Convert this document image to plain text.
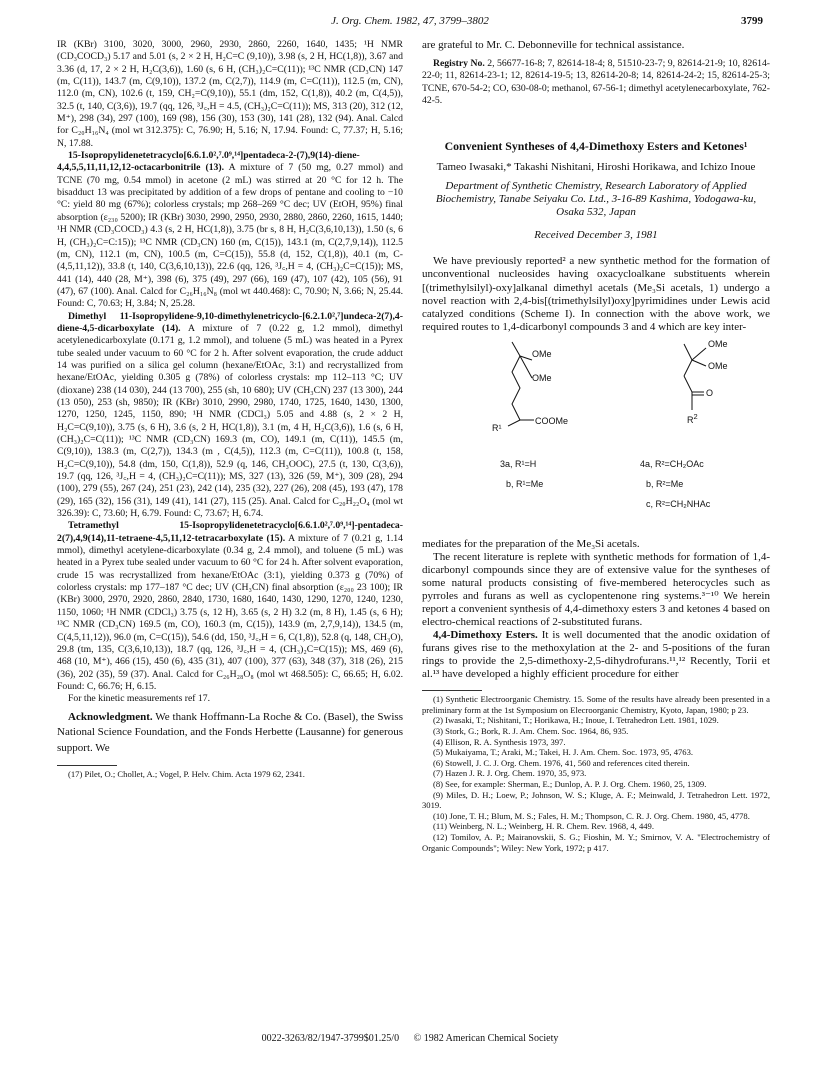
J. Org. Chem. 1982, 47, 3799–3802	3799

IR (KBr) 3100, 3020, 3000, 2960, 2930, 2860, 2260, 1640, 1435; ¹H NMR (CD₃COCD₃) 5.17 and 5.01 (s, 2 × 2 H, H₂C=C (9,10)), 3.98 (s, 2 H, HC(1,8)), 3.67 and 3.36 (d, 17, 2 × 2 H, H₂C(3,6)), 1.60 (s, 6 H, (CH₃)₂C=C(11)); ¹³C NMR (CD₃CN) 147 (m, C(11)), 143.7 (m, C(9,10)), 137.2 (m, C(2,7)), 114.9 (m, C=C(11)), 112.5 (m, CN), 112.0 (m, CN), 102.6 (t, 159, CH₂=C(9,10)), 55.1 (dm, 152, C(1,8)), 40.2 (m, C(4,5)), 32.5 (t, 140, C(3,6)), 19.7 (qq, 126, ³J꜀,H = 4.5, (CH₃)₂C=C(11)); MS, 313 (20), 312 (12, M⁺), 298 (34), 297 (100), 169 (98), 156 (30), 153 (30), 141 (28), 132 (94). Anal. Calcd for C₂₀H₁₆N₄ (mol wt 312.375): C, 76.90; H, 5.16; N, 17.94. Found: C, 77.37; H, 5.16; N, 17.88.

15-Isopropylidenetetracyclo[6.6.1.0²,⁷.0⁹,¹⁴]pentadeca-2-(7),9(14)-diene-4,4,5,5,11,11,12,12-octacarbonitrile (13). A mixture of 7 (50 mg, 0.27 mmol) and TCNE (70 mg, 0.54 mmol) in acetone (2 mL) was stirred at 20 °C for 12 h. The bisadduct 13 was precipitated by addition of a few drops of pentane and cooling to −10 °C: yield 80 mg (67%); colorless crystals; mp 268–269 °C dec; UV (EtOH, 95%) final absorption (ε₂₃₀ 5200); IR (KBr) 3030, 2990, 2950, 2930, 2880, 2860, 2260, 1615, 1440; ¹H NMR (CD₃COCD₃) 4.3 (s, 2 H, HC(1,8)), 3.75 (br s, 8 H, H₂C(3,6,10,13)), 1.50 (s, 6 H, (CH₃)₂C=C:15)); ¹³C NMR (CD₃CN) 160 (m, C(15)), 143.1 (m, C(2,7,9,14)), 112.5 (m, CN), 112.1 (m, CN), 100.5 (m, C=C(15)), 55.8 (d, 152, C(1,8)), 40.1 (m, C-(4,5,11,12)), 33.8 (t, 140, C(3,6,10,13)), 22.6 (qq, 126, ³J꜀,H = 4, (CH₃)₂C=C(15)); MS, 441 (14), 440 (28, M⁺), 398 (6), 375 (49), 297 (66), 169 (47), 107 (42), 105 (56), 91 (47), 67 (100). Anal. Calcd for C₂₆H₁₆N₈ (mol wt 440.468): C, 70.90; N, 3.66; N, 25.44. Found: C, 70.63; H, 3.84; N, 25.28.

Dimethyl 11-Isopropylidene-9,10-dimethylenetricyclo-[6.2.1.0²,⁷]undeca-2(7),4-diene-4,5-dicarboxylate (14). A mixture of 7 (0.22 g, 1.2 mmol), dimethyl acetylenedicarboxylate (0.171 g, 1.2 mmol), and toluene (5 mL) was heated in a Pyrex tube sealed under vacuum to 60 °C for 2 h. After solvent evaporation, the crude adduct 14 was purified on a silica gel column (hexane/EtOAc, 3:1) and recrystallized from hexane/EtOAc, yielding 0.305 g (78%) of colorless crystals: mp 112–113 °C; UV (dioxane) 238 (14 030), 244 (13 700), 255 (sh, 10 680); UV (CH₃CN) 237 (13 300), 244 (13 050), 253 (sh, 9850); IR (KBr) 3010, 2990, 2980, 1740, 1725, 1640, 1430, 1300, 1270, 1250, 1245, 1150, 890; ¹H NMR (CDCl₃) 5.05 and 4.88 (s, 2 × 2 H, H₂C=C(9,10)), 3.75 (s, 6 H), 3.6 (s, 2 H, HC(1,8)), 3.1 (m, 4 H, H₂C(3,6)), 1.6 (s, 6 H, (CH₃)₂C=C(11)); ¹³C NMR (CD₃CN) 169.3 (m, CO), 149.1 (m, C(11)), 145.5 (m, C(9,10)), 138.3 (m, C(2,7)), 134.3 (m , C(4,5)), 112.3 (m, C=C(11)), 100.8 (t, 158, H₂C=C(9,10)), 54.8 (dm, 150, C(1,8)), 52.9 (q, 146, CH₃OOC), 27.5 (t, 130, C(3,6)), 19.7 (qq, 126, ³J꜀,H = 4, (CH₃)₂C=C(11)); MS, 327 (13), 326 (59, M⁺), 309 (28), 294 (100), 279 (55), 267 (24), 251 (23), 242 (14), 235 (32), 227 (26), 208 (45), 193 (47), 178 (29), 165 (32), 156 (31), 149 (41), 141 (27), 115 (25). Anal. Calcd for C₂₀H₂₂O₄ (mol wt 326.39): C, 73.60; H, 6.79. Found: C, 73.67; H, 6.74.

Tetramethyl 15-Isopropylidenetetracyclo[6.6.1.0²,⁷.0⁹,¹⁴]-pentadeca-2(7),4,9(14),11-tetraene-4,5,11,12-tetracarboxylate (15). A mixture of 7 (0.21 g, 1.14 mmol), dimethyl acetylene-dicarboxylate (0.34 g, 2.4 mmol), and toluene (5 mL) was heated in a Pyrex tube sealed under vacuum to 60 °C for 24 h. After solvent evaporation, crude 15 was recrystallized from hexane/EtOAc (3:1), yielding 0.373 g (70%) of colorless crystals: mp 177–187 °C dec; UV (CH₃CN) final absorption (ε₂₀₀ 23 100); IR (KBr) 3000, 2970, 2920, 2860, 2840, 1730, 1680, 1640, 1430, 1290, 1270, 1240, 1230, 1150, 1060; ¹H NMR (CDCl₃) 3.75 (s, 12 H), 3.65 (s, 2 H) 3.2 (m, 8 H), 1.45 (s, 6 H); ¹³C NMR (CD₃CN) 169.5 (m, CO), 160.3 (m, C(15)), 143.9 (m, 2,7,9,14)), 134.5 (m, C(4,5,11,12)), 96.0 (m, C=C(15)), 54.6 (dd, 150, ³J꜀,H = 6, C(1,8)), 52.8 (q, 148, CH₃O), 29.8 (tm, 135, C(3,6,10,13)), 18.7 (qq, 126, ³J꜀,H = 4, (CH₃)₂C=C(15)); MS, 469 (6), 468 (10, M⁺), 466 (15), 450 (6), 435 (31), 407 (100), 377 (63), 348 (37), 318 (26), 215 (36), 202 (35), 59 (37). Anal. Calcd for C₂₆H₂₈O₈ (mol wt 468.505): C, 66.65; H, 6.02. Found: C, 66.76; H, 6.15.

For the kinetic measurements ref 17.

Acknowledgment. We thank Hoffmann-La Roche & Co. (Basel), the Swiss National Science Foundation, and the Fonds Herbette (Lausanne) for generous support. We

(17) Pilet, O.; Chollet, A.; Vogel, P. Helv. Chim. Acta 1979 62, 2341.

are grateful to Mr. C. Debonneville for technical assistance.

Registry No. 2, 56677-16-8; 7, 82614-18-4; 8, 51510-23-7; 9, 82614-21-9; 10, 82614-22-0; 11, 82614-23-1; 12, 82614-19-5; 13, 82614-20-8; 14, 82614-24-2; 15, 82614-25-3; TCNE, 670-54-2; CO, 630-08-0; methanol, 67-56-1; dimethyl acetylenecarboxylate, 762-42-5.

Convenient Syntheses of 4,4-Dimethoxy Esters and Ketones¹

Tameo Iwasaki,* Takashi Nishitani, Hiroshi Horikawa, and Ichizo Inoue

Department of Synthetic Chemistry, Research Laboratory of Applied Biochemistry, Tanabe Seiyaku Co. Ltd., 3-16-89 Kashima, Yodogawa-ku, Osaka 532, Japan

Received December 3, 1981

We have previously reported² a new synthetic method for the formation of unconventional nucleosides having oxacycloalkane substituents wherein [(trimethylsilyl)-oxy]alkanal dimethyl acetals (Me₃Si acetals, 1) undergo a novel reaction with 2,4-bis[(trimethylsilyl)oxy]pyrimidines under Lewis acid catalyzed conditions (Scheme I). In connection with the above work, we required routes to 1,4-dicarbonyl compounds 3 and 4 which are key inter-

OMe
OMe
R¹
COOMe
OMe
OMe
O
$R^2$
3a, R¹=H
b, R¹=Me
4a, R²=CH₂OAc
b, R²=Me
c, R²=CH₂NHAc

mediates for the preparation of the Me₃Si acetals.

The recent literature is replete with synthetic methods for formation of 1,4-dicarbonyl compounds since they are of extensive value for the syntheses of some natural products consisting of five-membered heterocycles such as pyrroles and furans as well as cyclopentenone ring systems.³⁻¹⁰ We herein report a convenient synthesis of 4,4-dimethoxy esters 3 and ketones 4 based on electro-chemical reactions of 2-substituted furans.

4,4-Dimethoxy Esters. It is well documented that the anodic oxidation of furans gives rise to the methoxylation at the 2- and 5-positions of the furan rings to provide the 2,5-dimethoxy-2,5-dihydrofurans.¹¹,¹² Recently, Torii et al.¹³ have developed a highly efficient procedure for either

(1) Synthetic Electroorganic Chemistry. 15. Some of the results have already been presented in a preliminary form at the 1st Symposium on Elecroorganic Chemistry, Kyoto, Japan, 1980; p 23.

(2) Iwasaki, T.; Nishitani, T.; Horikawa, H.; Inoue, I. Tetrahedron Lett. 1981, 1029.

(3) Stork, G.; Bork, R. J. Am. Chem. Soc. 1964, 86, 935.

(4) Ellison, R. A. Synthesis 1973, 397.

(5) Mukaiyama, T.; Araki, M.; Takei, H. J. Am. Chem. Soc. 1973, 95, 4763.

(6) Stowell, J. C. J. Org. Chem. 1976, 41, 560 and references cited therein.

(7) Hazen J. R. J. Org. Chem. 1970, 35, 973.

(8) See, for example: Sherman, E.; Dunlop, A. P. J. Org. Chem. 1960, 25, 1309.

(9) Miles, D. H.; Loew, P.; Johnson, W. S.; Kluge, A. F.; Meinwald, J. Tetrahedron Lett. 1972, 3019.

(10) Jone, T. H.; Blum, M. S.; Fales, H. M.; Thompson, C. R. J. Org. Chem. 1980, 45, 4778.

(11) Weinberg, N. L.; Weinberg, H. R. Chem. Rev. 1968, 4, 449.

(12) Tomilov, A. P.; Mairanovskii, S. G.; Fioshin, M. Y.; Smirnov, V. A. "Electrochemistry of Organic Compounds"; Wiley: New York, 1972; p 417.

0022-3263/82/1947-3799$01.25/0 © 1982 American Chemical Society
